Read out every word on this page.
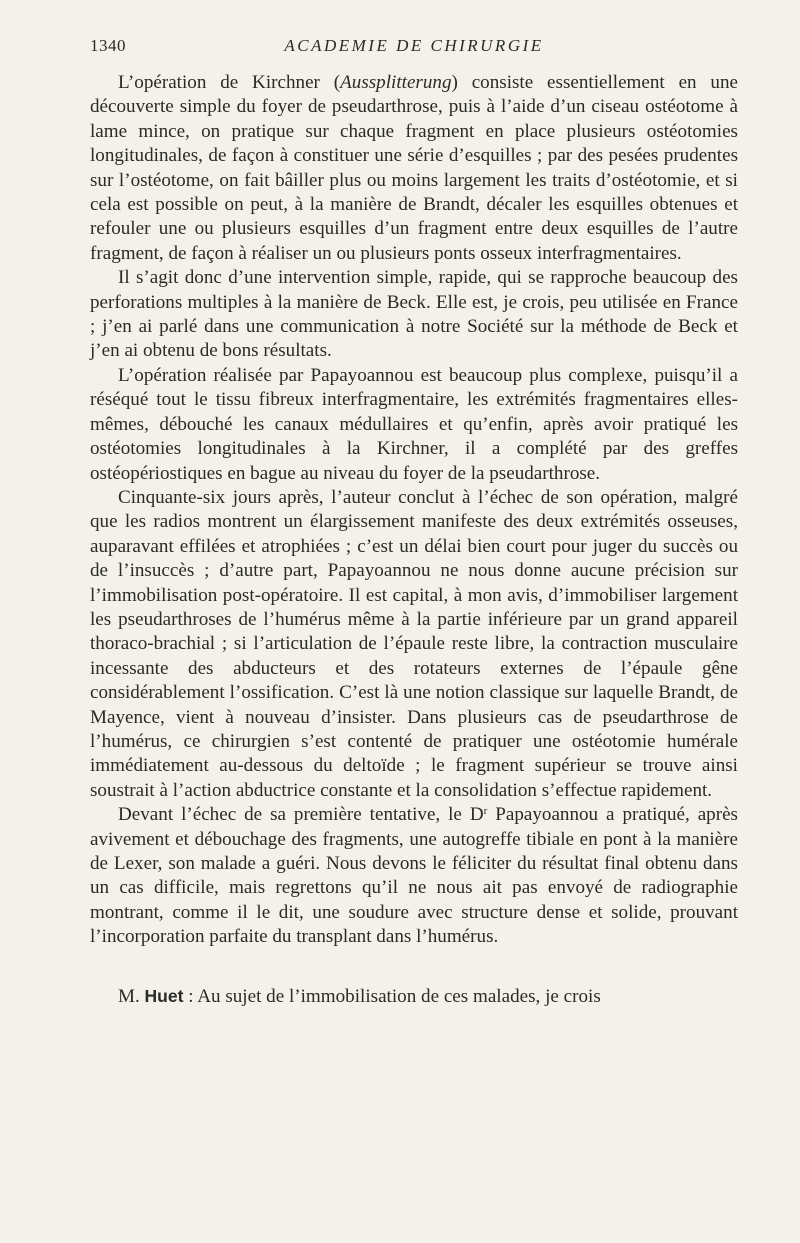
1340	ACADEMIE DE CHIRURGIE

L’opération de Kirchner (Aussplitterung) consiste essentiellement en une découverte simple du foyer de pseudarthrose, puis à l’aide d’un ciseau ostéotome à lame mince, on pratique sur chaque fragment en place plusieurs ostéotomies longitudinales, de façon à constituer une série d’esquilles ; par des pesées prudentes sur l’ostéotome, on fait bâiller plus ou moins largement les traits d’ostéotomie, et si cela est possible on peut, à la manière de Brandt, décaler les esquilles obtenues et refouler une ou plusieurs esquilles d’un fragment entre deux esquilles de l’autre fragment, de façon à réaliser un ou plusieurs ponts osseux interfragmentaires.

Il s’agit donc d’une intervention simple, rapide, qui se rapproche beaucoup des perforations multiples à la manière de Beck. Elle est, je crois, peu utilisée en France ; j’en ai parlé dans une communication à notre Société sur la méthode de Beck et j’en ai obtenu de bons résultats.

L’opération réalisée par Papayoannou est beaucoup plus complexe, puisqu’il a réséqué tout le tissu fibreux interfragmentaire, les extrémités fragmentaires elles-mêmes, débouché les canaux médullaires et qu’enfin, après avoir pratiqué les ostéotomies longitudinales à la Kirchner, il a complété par des greffes ostéopériostiques en bague au niveau du foyer de la pseudarthrose.

Cinquante-six jours après, l’auteur conclut à l’échec de son opération, malgré que les radios montrent un élargissement manifeste des deux extrémités osseuses, auparavant effilées et atrophiées ; c’est un délai bien court pour juger du succès ou de l’insuccès ; d’autre part, Papayoannou ne nous donne aucune précision sur l’immobilisation post-opératoire. Il est capital, à mon avis, d’immobiliser largement les pseudarthroses de l’humérus même à la partie inférieure par un grand appareil thoraco-brachial ; si l’articulation de l’épaule reste libre, la contraction musculaire incessante des abducteurs et des rotateurs externes de l’épaule gêne considérablement l’ossification. C’est là une notion classique sur laquelle Brandt, de Mayence, vient à nouveau d’insister. Dans plusieurs cas de pseudarthrose de l’humérus, ce chirurgien s’est contenté de pratiquer une ostéotomie humérale immédiatement au-dessous du deltoïde ; le fragment supérieur se trouve ainsi soustrait à l’action abductrice constante et la consolidation s’effectue rapidement.

Devant l’échec de sa première tentative, le $D^r$ Papayoannou a pratiqué, après avivement et débouchage des fragments, une autogreffe tibiale en pont à la manière de Lexer, son malade a guéri. Nous devons le féliciter du résultat final obtenu dans un cas difficile, mais regrettons qu’il ne nous ait pas envoyé de radiographie montrant, comme il le dit, une soudure avec structure dense et solide, prouvant l’incorporation parfaite du transplant dans l’humérus.

M. Huet : Au sujet de l’immobilisation de ces malades, je crois
